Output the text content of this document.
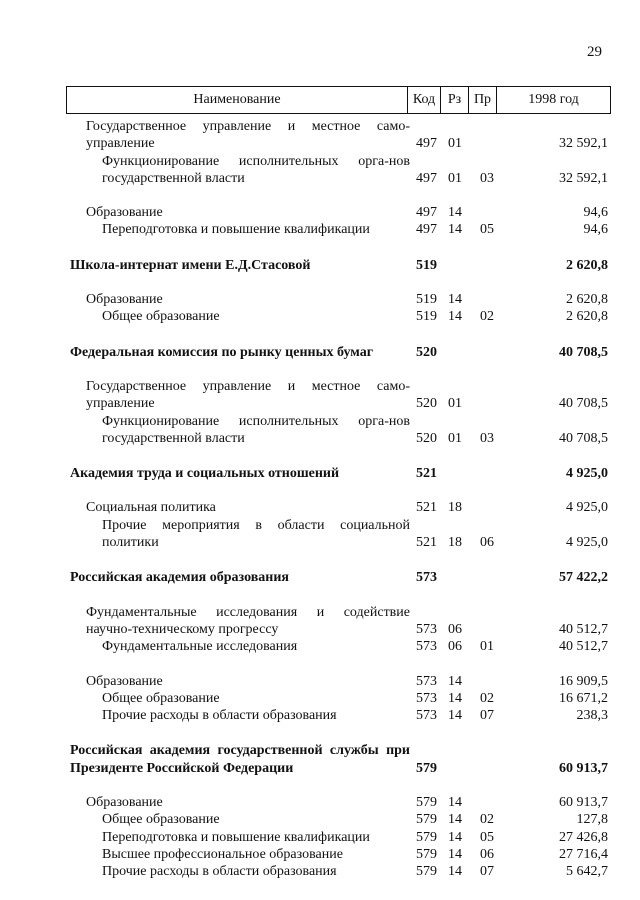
29
Наименование	Код Рз Пр	1998 год
Государственное управление и местное само-управление	497 01	32 592,1
Функционирование исполнительных орга-нов государственной власти	497 01	03	32 592,1
Образование	497 14	94,6
Переподготовка и повышение квалификации	497 14	05	94,6
Школа-интернат имени Е.Д.Стасовой	519	2 620,8
Образование	519 14	2 620,8
Общее образование	519 14	02	2 620,8
Федеральная комиссия по рынку ценных бумаг	520	40 708,5
Государственное управление и местное само-управление	520 01	40 708,5
Функционирование исполнительных орга-нов государственной власти	520 01	03	40 708,5
Академия труда и социальных отношений	521	4 925,0
Социальная политика	521 18	4 925,0
Прочие мероприятия в области социальной политики	521 18	06	4 925,0
Российская академия образования	573	57 422,2
Фундаментальные исследования и содействие научно-техническому прогрессу	573 06	40 512,7
Фундаментальные исследования	573 06	01	40 512,7
Образование	573 14	16 909,5
Общее образование	573 14	02	16 671,2
Прочие расходы в области образования	573 14	07	238,3
Российская академия государственной службы при Президенте Российской Федерации	579	60 913,7
Образование	579 14	60 913,7
Общее образование	579 14	02	127,8
Переподготовка и повышение квалификации	579 14	05	27 426,8
Высшее профессиональное образование	579 14	06	27 716,4
Прочие расходы в области образования	579 14	07	5 642,7
